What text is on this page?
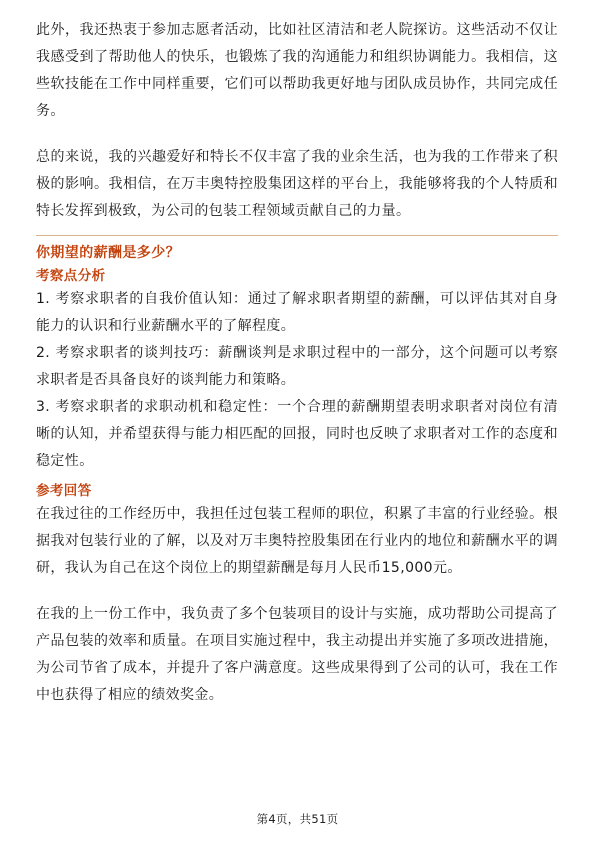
此外，我还热衷于参加志愿者活动，比如社区清洁和老人院探访。这些活动不仅让我感受到了帮助他人的快乐，也锻炼了我的沟通能力和组织协调能力。我相信，这些软技能在工作中同样重要，它们可以帮助我更好地与团队成员协作，共同完成任务。

总的来说，我的兴趣爱好和特长不仅丰富了我的业余生活，也为我的工作带来了积极的影响。我相信，在万丰奥特控股集团这样的平台上，我能够将我的个人特质和特长发挥到极致，为公司的包装工程领域贡献自己的力量。

你期望的薪酬是多少？
考察点分析

1. 考察求职者的自我价值认知：通过了解求职者期望的薪酬，可以评估其对自身能力的认识和行业薪酬水平的了解程度。

2. 考察求职者的谈判技巧：薪酬谈判是求职过程中的一部分，这个问题可以考察求职者是否具备良好的谈判能力和策略。

3. 考察求职者的求职动机和稳定性：一个合理的薪酬期望表明求职者对岗位有清晰的认知，并希望获得与能力相匹配的回报，同时也反映了求职者对工作的态度和稳定性。

参考回答

在我过往的工作经历中，我担任过包装工程师的职位，积累了丰富的行业经验。根据我对包装行业的了解，以及对万丰奥特控股集团在行业内的地位和薪酬水平的调研，我认为自己在这个岗位上的期望薪酬是每月人民币15,000元。

在我的上一份工作中，我负责了多个包装项目的设计与实施，成功帮助公司提高了产品包装的效率和质量。在项目实施过程中，我主动提出并实施了多项改进措施，为公司节省了成本，并提升了客户满意度。这些成果得到了公司的认可，我在工作中也获得了相应的绩效奖金。

第4页，共51页
